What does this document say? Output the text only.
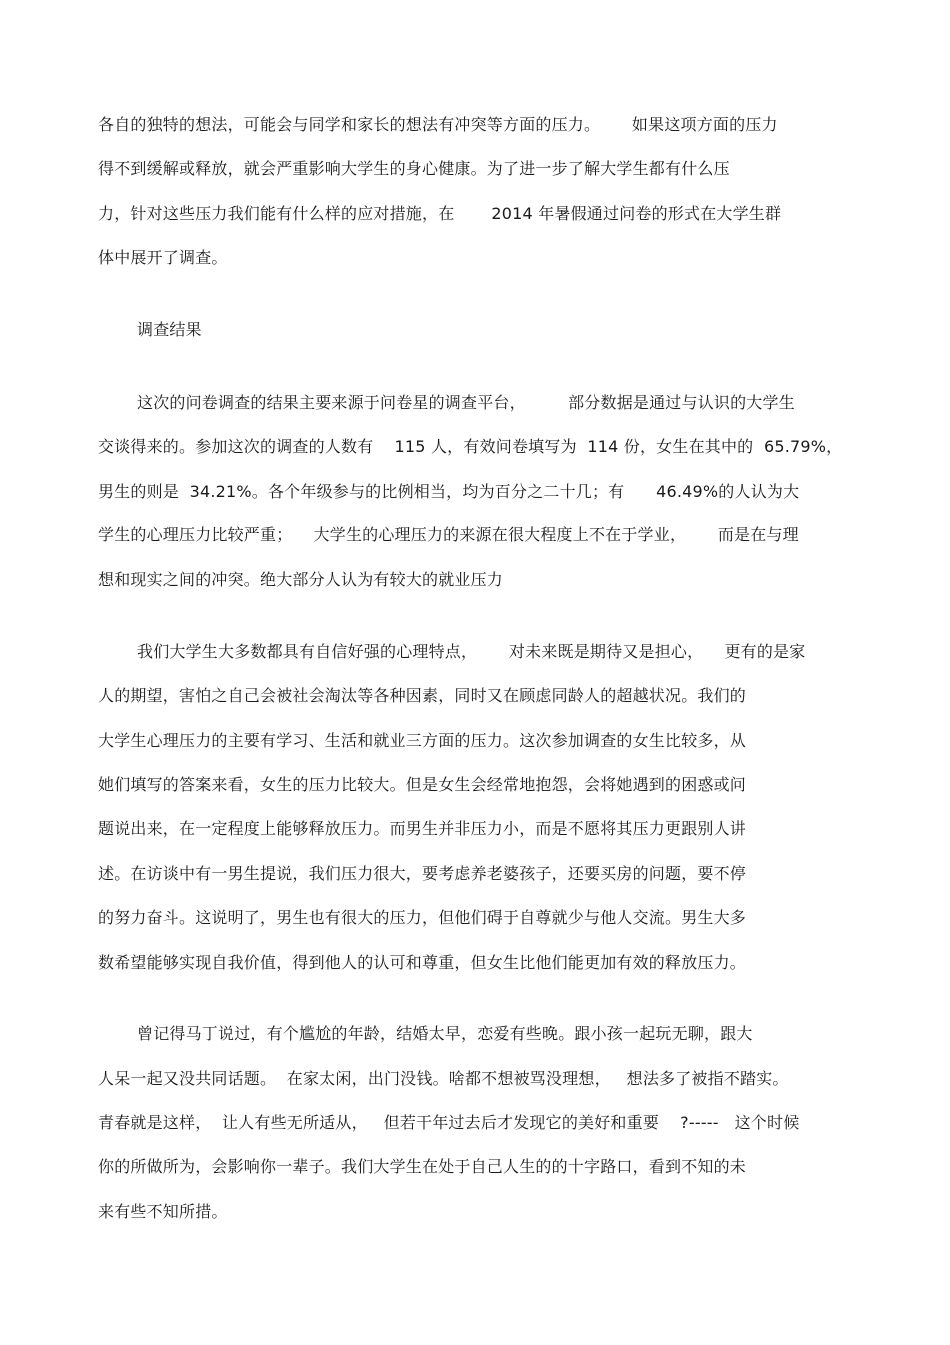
各自的独特的想法，可能会与同学和家长的想法有冲突等方面的压力。      如果这项方面的压力
得不到缓解或释放，就会严重影响大学生的身心健康。为了进一步了解大学生都有什么压
力，针对这些压力我们能有什么样的应对措施，在       2014 年暑假通过问卷的形式在大学生群
体中展开了调查。
调查结果
这次的问卷调查的结果主要来源于问卷星的调查平台，        部分数据是通过与认识的大学生
交谈得来的。参加这次的调查的人数有    115 人，有效问卷填写为  114 份，女生在其中的  65.79%，
男生的则是  34.21%。各个年级参与的比例相当，均为百分之二十几；有      46.49%的人认为大
学生的心理压力比较严重；    大学生的心理压力的来源在很大程度上不在于学业，      而是在与理
想和现实之间的冲突。绝大部分人认为有较大的就业压力
我们大学生大多数都具有自信好强的心理特点，      对未来既是期待又是担心，    更有的是家
人的期望，害怕之自己会被社会淘汰等各种因素，同时又在顾虑同龄人的超越状况。我们的
大学生心理压力的主要有学习、生活和就业三方面的压力。这次参加调查的女生比较多，从
她们填写的答案来看，女生的压力比较大。但是女生会经常地抱怨，会将她遇到的困惑或问
题说出来，在一定程度上能够释放压力。而男生并非压力小，而是不愿将其压力更跟别人讲
述。在访谈中有一男生提说，我们压力很大，要考虑养老婆孩子，还要买房的问题，要不停
的努力奋斗。这说明了，男生也有很大的压力，但他们碍于自尊就少与他人交流。男生大多
数希望能够实现自我价值，得到他人的认可和尊重，但女生比他们能更加有效的释放压力。
曾记得马丁说过，有个尴尬的年龄，结婚太早，恋爱有些晚。跟小孩一起玩无聊，跟大
人呆一起又没共同话题。  在家太闲，出门没钱。啥都不想被骂没理想，   想法多了被指不踏实。
青春就是这样，  让人有些无所适从，   但若干年过去后才发现它的美好和重要    ?-----   这个时候
你的所做所为，会影响你一辈子。我们大学生在处于自己人生的的十字路口，看到不知的未
来有些不知所措。
